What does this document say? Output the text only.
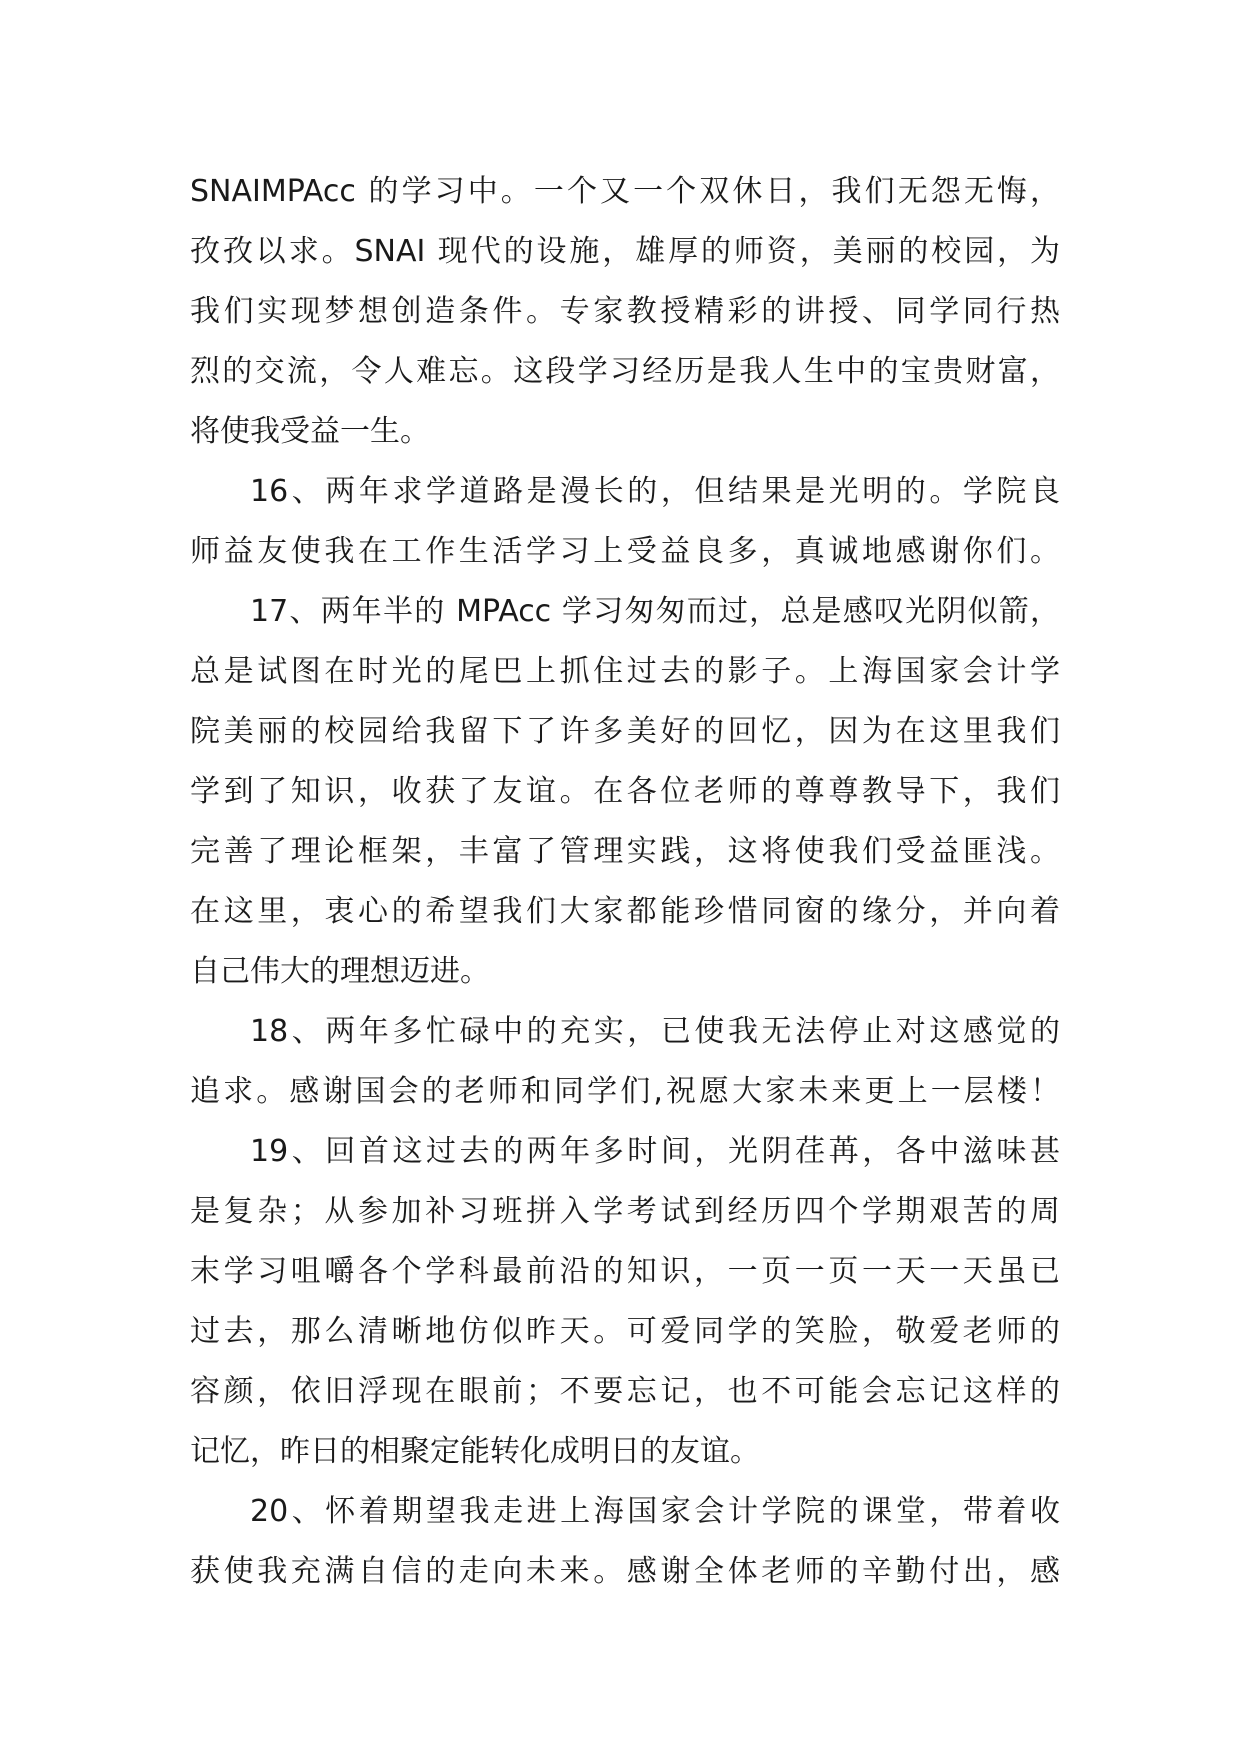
SNAIMPAcc 的学习中。一个又一个双休日，我们无怨无悔，
孜孜以求。SNAI 现代的设施，雄厚的师资，美丽的校园，为
我们实现梦想创造条件。专家教授精彩的讲授、同学同行热
烈的交流，令人难忘。这段学习经历是我人生中的宝贵财富，
将使我受益一生。
16、两年求学道路是漫长的，但结果是光明的。学院良
师益友使我在工作生活学习上受益良多，真诚地感谢你们。
17、两年半的 MPAcc 学习匆匆而过，总是感叹光阴似箭，
总是试图在时光的尾巴上抓住过去的影子。上海国家会计学
院美丽的校园给我留下了许多美好的回忆，因为在这里我们
学到了知识，收获了友谊。在各位老师的尊尊教导下，我们
完善了理论框架，丰富了管理实践，这将使我们受益匪浅。
在这里，衷心的希望我们大家都能珍惜同窗的缘分，并向着
自己伟大的理想迈进。
18、两年多忙碌中的充实，已使我无法停止对这感觉的
追求。感谢国会的老师和同学们,祝愿大家未来更上一层楼！
19、回首这过去的两年多时间，光阴荏苒，各中滋味甚
是复杂；从参加补习班拼入学考试到经历四个学期艰苦的周
末学习咀嚼各个学科最前沿的知识，一页一页一天一天虽已
过去，那么清晰地仿似昨天。可爱同学的笑脸，敬爱老师的
容颜，依旧浮现在眼前；不要忘记，也不可能会忘记这样的
记忆，昨日的相聚定能转化成明日的友谊。
20、怀着期望我走进上海国家会计学院的课堂，带着收
获使我充满自信的走向未来。感谢全体老师的辛勤付出，感
